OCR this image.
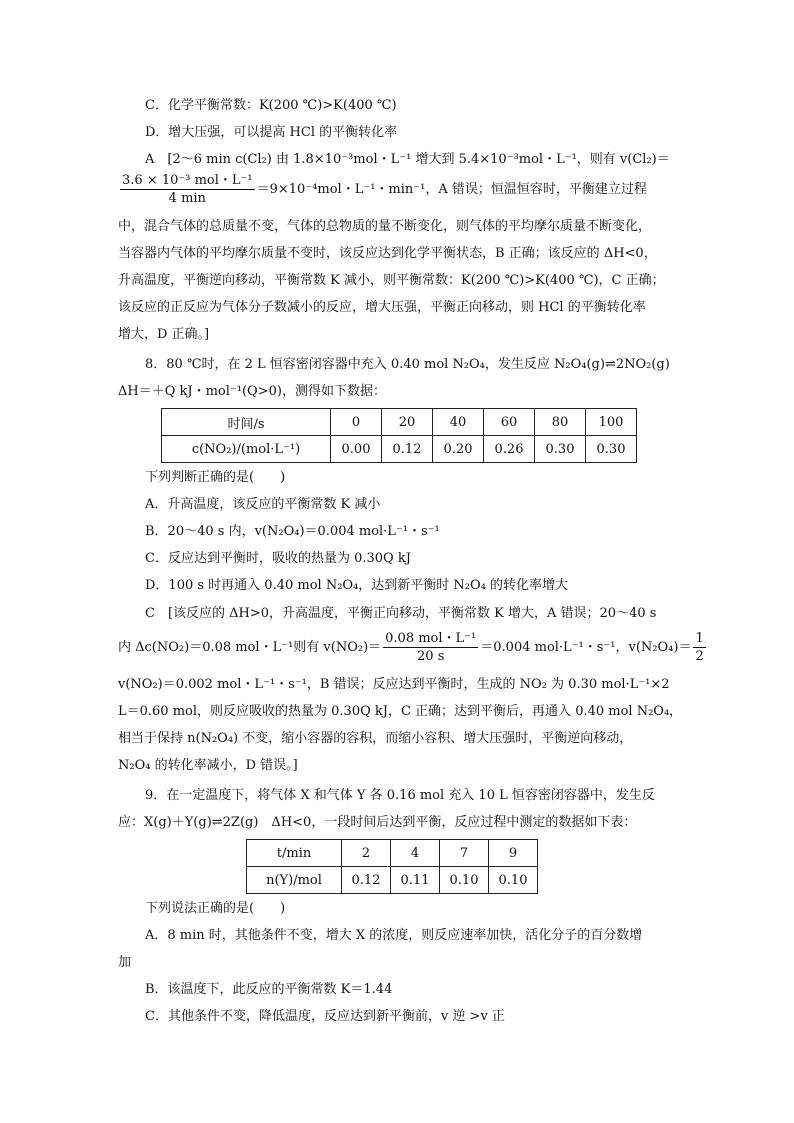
C．化学平衡常数：K(200 ℃)>K(400 ℃)
D．增大压强，可以提高 HCl 的平衡转化率
A　[2～6 min c(Cl₂) 由 1.8×10⁻³mol・L⁻¹ 增大到 5.4×10⁻³mol・L⁻¹，则有 v(Cl₂)＝
$\frac{\text{3.6 × 10⁻³ mol・L⁻¹}}{4 \min} =9\times 10^{-4}mol$・L⁻¹・min⁻¹，A 错误；恒温恒容时，平衡建立过程
中，混合气体的总质量不变，气体的总物质的量不断变化，则气体的平均摩尔质量不断变化，
当容器内气体的平均摩尔质量不变时，该反应达到化学平衡状态，B 正确；该反应的 ΔH<0，
升高温度，平衡逆向移动，平衡常数 K 减小，则平衡常数：K(200 ℃)>K(400 ℃)，C 正确；
该反应的正反应为气体分子数减小的反应，增大压强，平衡正向移动，则 HCl 的平衡转化率
增大，D 正确。]
8．80 ℃时，在 2 L 恒容密闭容器中充入 0.40 mol N₂O₄，发生反应 N₂O₄(g)⇌2NO₂(g)
ΔH＝＋Q kJ・mol⁻¹(Q>0)，测得如下数据：
时间/s	0	20	40	60	80	100
c(NO₂)/(mol·L⁻¹)	0.00	0.12	0.20	0.26	0.30	0.30
下列判断正确的是(　　)
A．升高温度，该反应的平衡常数 K 减小
B．20～40 s 内，v(N₂O₄)＝0.004 mol·L⁻¹・s⁻¹
C．反应达到平衡时，吸收的热量为 0.30Q kJ
D．100 s 时再通入 0.40 mol N₂O₄，达到新平衡时 N₂O₄ 的转化率增大
C　[该反应的 ΔH>0，升高温度，平衡正向移动，平衡常数 K 增大，A 错误；20～40 s
内 Δc(NO₂)＝0.08 mol・L⁻¹则有 $v(NO_2)= \frac{\text{0.08 mol・L⁻¹}}{20 s} =0.004$ mol·L⁻¹・s⁻¹，$v(N_2O_4)= \frac{1}{2}$
v(NO₂)＝0.002 mol・L⁻¹・s⁻¹，B 错误；反应达到平衡时，生成的 NO₂ 为 0.30 mol·L⁻¹×2
L＝0.60 mol，则反应吸收的热量为 0.30Q kJ，C 正确；达到平衡后，再通入 0.40 mol N₂O₄，
相当于保持 n(N₂O₄) 不变，缩小容器的容积，而缩小容积、增大压强时，平衡逆向移动，
N₂O₄ 的转化率减小，D 错误。]
9．在一定温度下，将气体 X 和气体 Y 各 0.16 mol 充入 10 L 恒容密闭容器中，发生反
应：X(g)＋Y(g)⇌2Z(g)　ΔH<0，一段时间后达到平衡，反应过程中测定的数据如下表：
t/min	2	4	7	9
n(Y)/mol	0.12	0.11	0.10	0.10
下列说法正确的是(　　)
A．8 min 时，其他条件不变，增大 X 的浓度，则反应速率加快，活化分子的百分数增
加
B．该温度下，此反应的平衡常数 K＝1.44
C．其他条件不变，降低温度，反应达到新平衡前，v 逆 >v 正
